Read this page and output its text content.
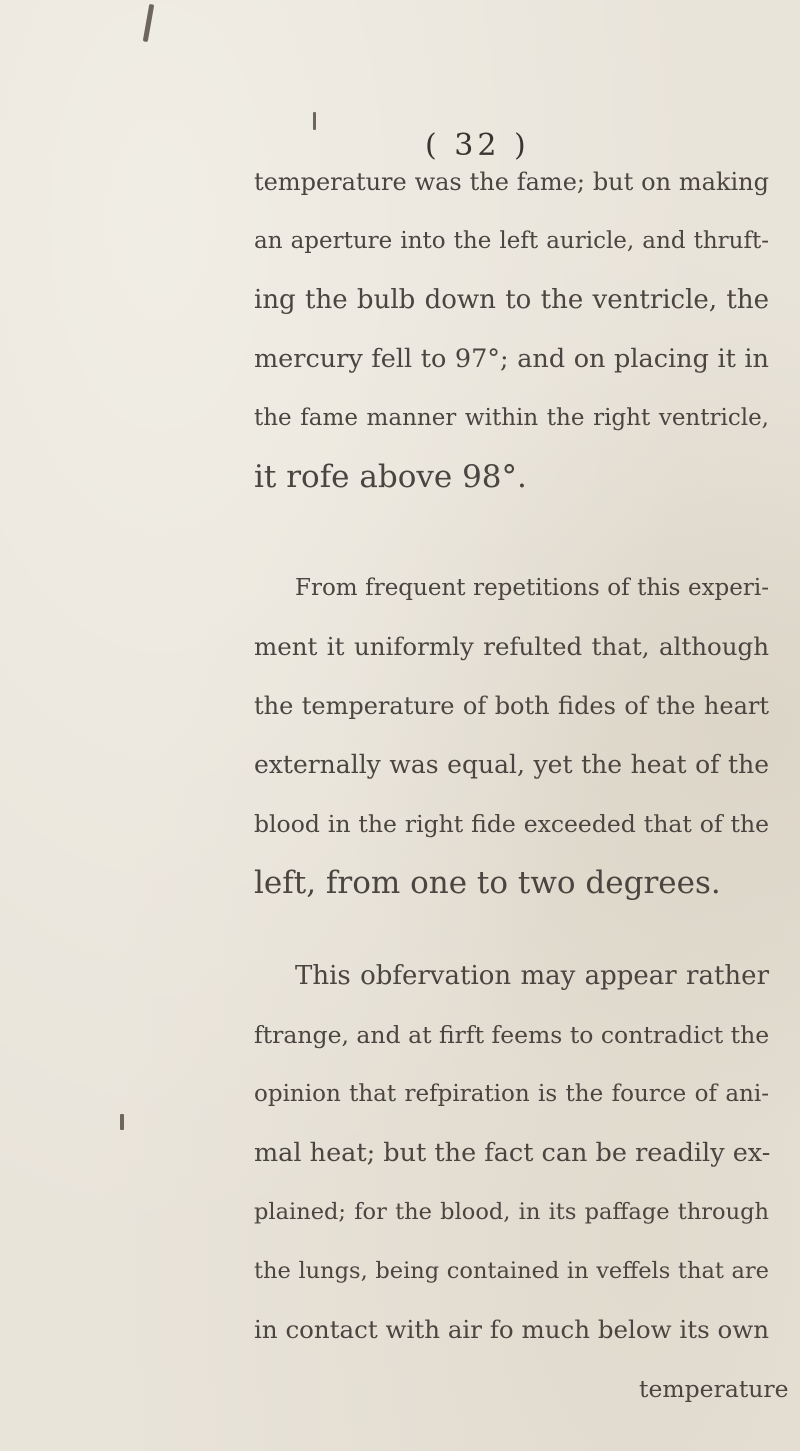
( 32 )
temperature was the fame; but on making
an aperture into the left auricle, and thruft-
ing the bulb down to the ventricle, the
mercury fell to 97°; and on placing it in
the fame manner within the right ventricle,
it rofe above 98°.
From frequent repetitions of this experi-
ment it uniformly refulted that, although
the temperature of both fides of the heart
externally was equal, yet the heat of the
blood in the right fide exceeded that of the
left, from one to two degrees.
This obfervation may appear rather
ftrange, and at firft feems to contradict the
opinion that refpiration is the fource of ani-
mal heat; but the fact can be readily ex-
plained; for the blood, in its paffage through
the lungs, being contained in veffels that are
in contact with air fo much below its own
temperature
